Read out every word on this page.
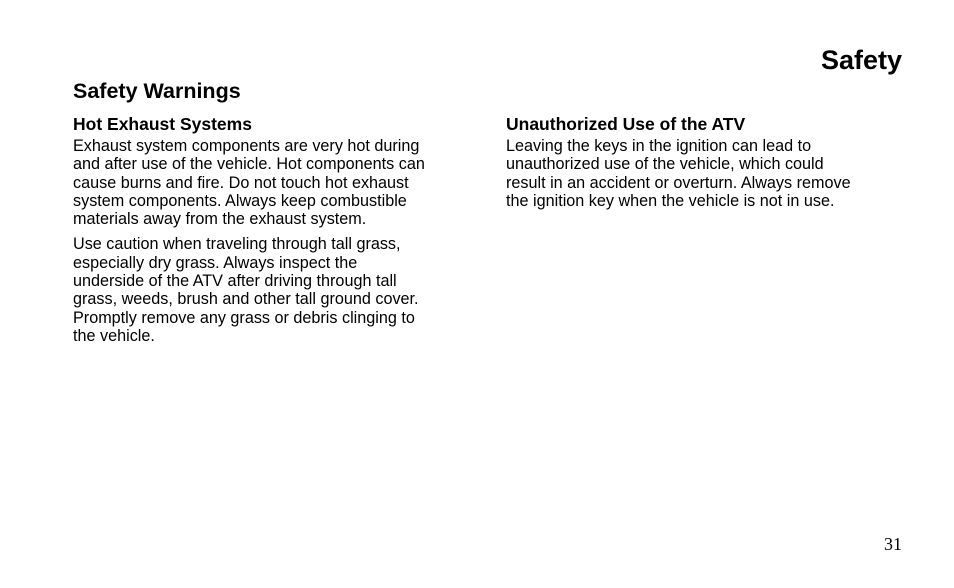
Safety
Safety Warnings
Hot Exhaust Systems

Exhaust system components are very hot during
and after use of the vehicle. Hot components can
cause burns and fire. Do not touch hot exhaust
system components. Always keep combustible
materials away from the exhaust system.

Use caution when traveling through tall grass,
especially dry grass. Always inspect the
underside of the ATV after driving through tall
grass, weeds, brush and other tall ground cover.
Promptly remove any grass or debris clinging to
the vehicle.

Unauthorized Use of the ATV

Leaving the keys in the ignition can lead to
unauthorized use of the vehicle, which could
result in an accident or overturn. Always remove
the ignition key when the vehicle is not in use.

31
